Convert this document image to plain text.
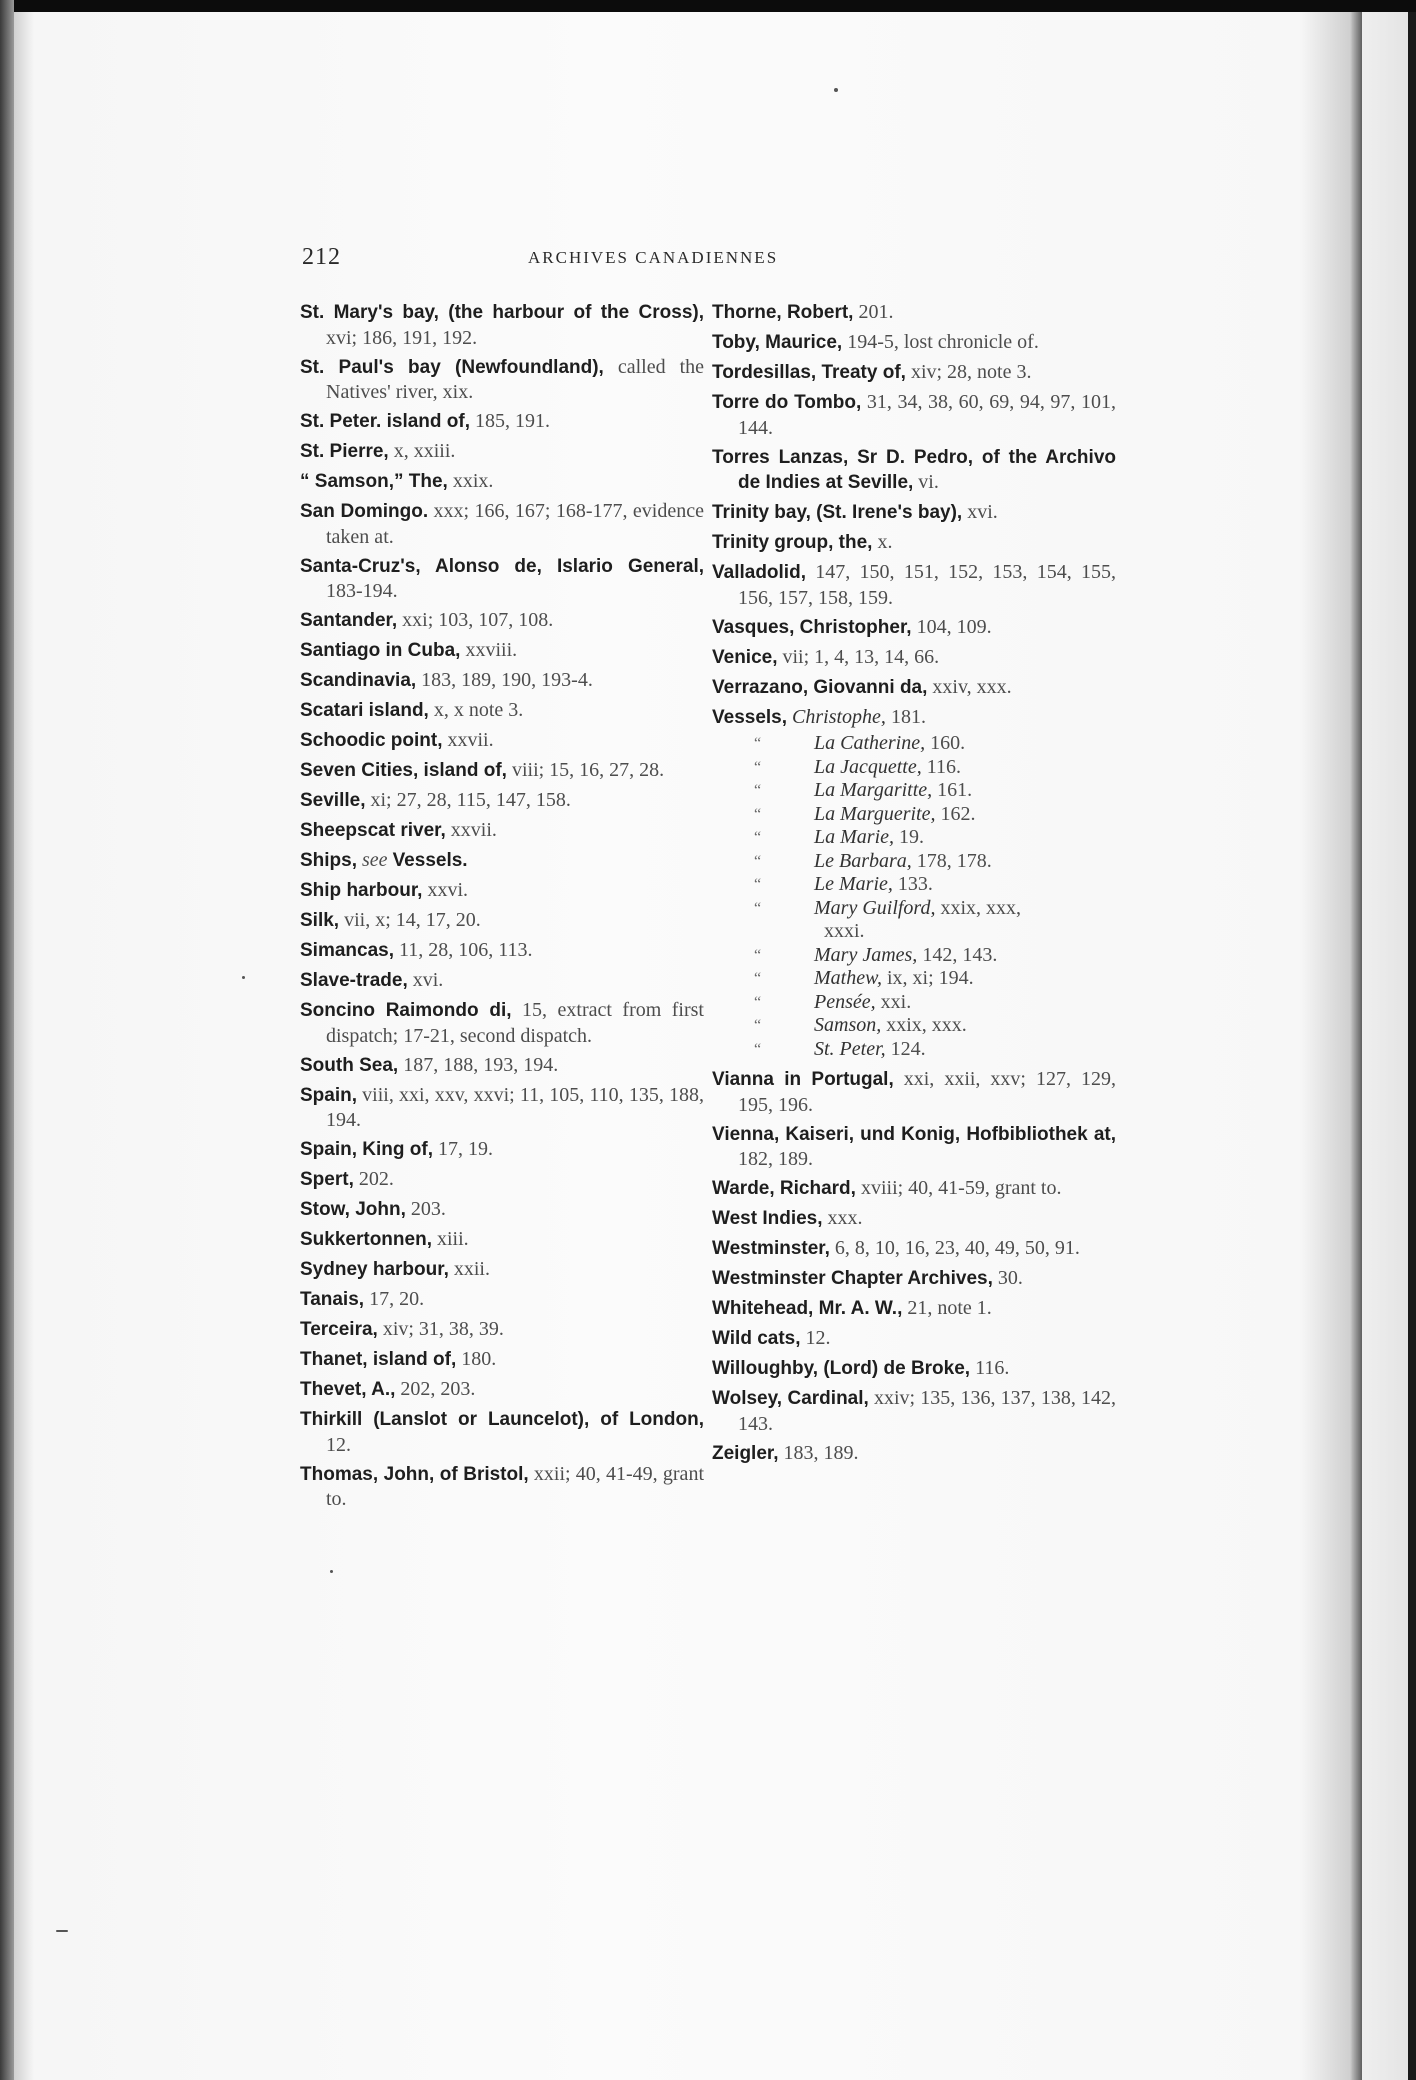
212	ARCHIVES CANADIENNES
St. Mary's bay, (the harbour of the Cross), xvi; 186, 191, 192.
St. Paul's bay (Newfoundland), called the Natives' river, xix.
St. Peter. island of, 185, 191.
St. Pierre, x, xxiii.
“ Samson,” The, xxix.
San Domingo. xxx; 166, 167; 168-177, evidence taken at.
Santa-Cruz's, Alonso de, Islario General, 183-194.
Santander, xxi; 103, 107, 108.
Santiago in Cuba, xxviii.
Scandinavia, 183, 189, 190, 193-4.
Scatari island, x, x note 3.
Schoodic point, xxvii.
Seven Cities, island of, viii; 15, 16, 27, 28.
Seville, xi; 27, 28, 115, 147, 158.
Sheepscat river, xxvii.
Ships, see Vessels.
Ship harbour, xxvi.
Silk, vii, x; 14, 17, 20.
Simancas, 11, 28, 106, 113.
Slave-trade, xvi.
Soncino Raimondo di, 15, extract from first dispatch; 17-21, second dispatch.
South Sea, 187, 188, 193, 194.
Spain, viii, xxi, xxv, xxvi; 11, 105, 110, 135, 188, 194.
Spain, King of, 17, 19.
Spert, 202.
Stow, John, 203.
Sukkertonnen, xiii.
Sydney harbour, xxii.
Tanais, 17, 20.
Terceira, xiv; 31, 38, 39.
Thanet, island of, 180.
Thevet, A., 202, 203.
Thirkill (Lanslot or Launcelot), of London, 12.
Thomas, John, of Bristol, xxii; 40, 41-49, grant to.
Thorne, Robert, 201.
Toby, Maurice, 194-5, lost chronicle of.
Tordesillas, Treaty of, xiv; 28, note 3.
Torre do Tombo, 31, 34, 38, 60, 69, 94, 97, 101, 144.
Torres Lanzas, Sr D. Pedro, of the Archivo de Indies at Seville, vi.
Trinity bay, (St. Irene's bay), xvi.
Trinity group, the, x.
Valladolid, 147, 150, 151, 152, 153, 154, 155, 156, 157, 158, 159.
Vasques, Christopher, 104, 109.
Venice, vii; 1, 4, 13, 14, 66.
Verrazano, Giovanni da, xxiv, xxx.
Vessels, Christophe, 181.
“	La Catherine, 160.
“	La Jacquette, 116.
“	La Margaritte, 161.
“	La Marguerite, 162.
“	La Marie, 19.
“	Le Barbara, 178, 178.
“	Le Marie, 133.
“	Mary Guilford, xxix, xxx,
xxxi.
“	Mary James, 142, 143.
“	Mathew, ix, xi; 194.
“	Pensée, xxi.
“	Samson, xxix, xxx.
“	St. Peter, 124.
Vianna in Portugal, xxi, xxii, xxv; 127, 129, 195, 196.
Vienna, Kaiseri, und Konig, Hofbibliothek at, 182, 189.
Warde, Richard, xviii; 40, 41-59, grant to.
West Indies, xxx.
Westminster, 6, 8, 10, 16, 23, 40, 49, 50, 91.
Westminster Chapter Archives, 30.
Whitehead, Mr. A. W., 21, note 1.
Wild cats, 12.
Willoughby, (Lord) de Broke, 116.
Wolsey, Cardinal, xxiv; 135, 136, 137, 138, 142, 143.
Zeigler, 183, 189.
